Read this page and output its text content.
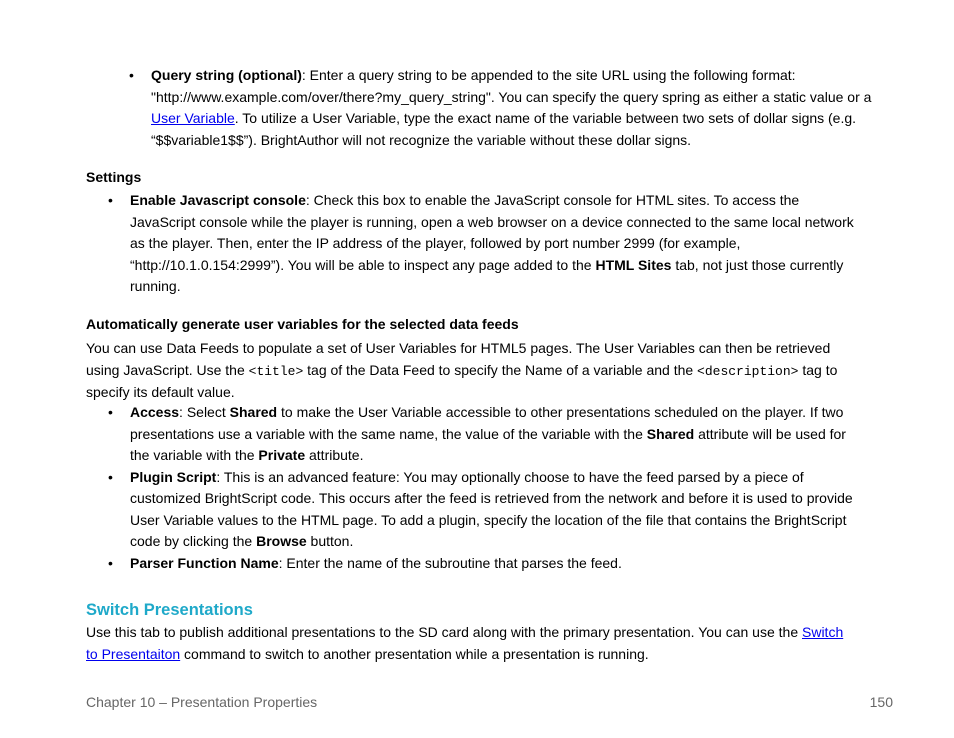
• Query string (optional): Enter a query string to be appended to the site URL using the following format: "http://www.example.com/over/there?my_query_string". You can specify the query spring as either a static value or a User Variable. To utilize a User Variable, type the exact name of the variable between two sets of dollar signs (e.g. “$$variable1$$”). BrightAuthor will not recognize the variable without these dollar signs.
Settings
• Enable Javascript console: Check this box to enable the JavaScript console for HTML sites. To access the JavaScript console while the player is running, open a web browser on a device connected to the same local network as the player. Then, enter the IP address of the player, followed by port number 2999 (for example, “http://10.1.0.154:2999”). You will be able to inspect any page added to the HTML Sites tab, not just those currently running.
Automatically generate user variables for the selected data feeds

You can use Data Feeds to populate a set of User Variables for HTML5 pages. The User Variables can then be retrieved using JavaScript. Use the <title> tag of the Data Feed to specify the Name of a variable and the <description> tag to specify its default value.

• Access: Select Shared to make the User Variable accessible to other presentations scheduled on the player. If two presentations use a variable with the same name, the value of the variable with the Shared attribute will be used for the variable with the Private attribute.
• Plugin Script: This is an advanced feature: You may optionally choose to have the feed parsed by a piece of customized BrightScript code. This occurs after the feed is retrieved from the network and before it is used to provide User Variable values to the HTML page. To add a plugin, specify the location of the file that contains the BrightScript code by clicking the Browse button.
• Parser Function Name: Enter the name of the subroutine that parses the feed.
Switch Presentations

Use this tab to publish additional presentations to the SD card along with the primary presentation. You can use the Switch to Presentaiton command to switch to another presentation while a presentation is running.

Chapter 10 – Presentation Properties	150
